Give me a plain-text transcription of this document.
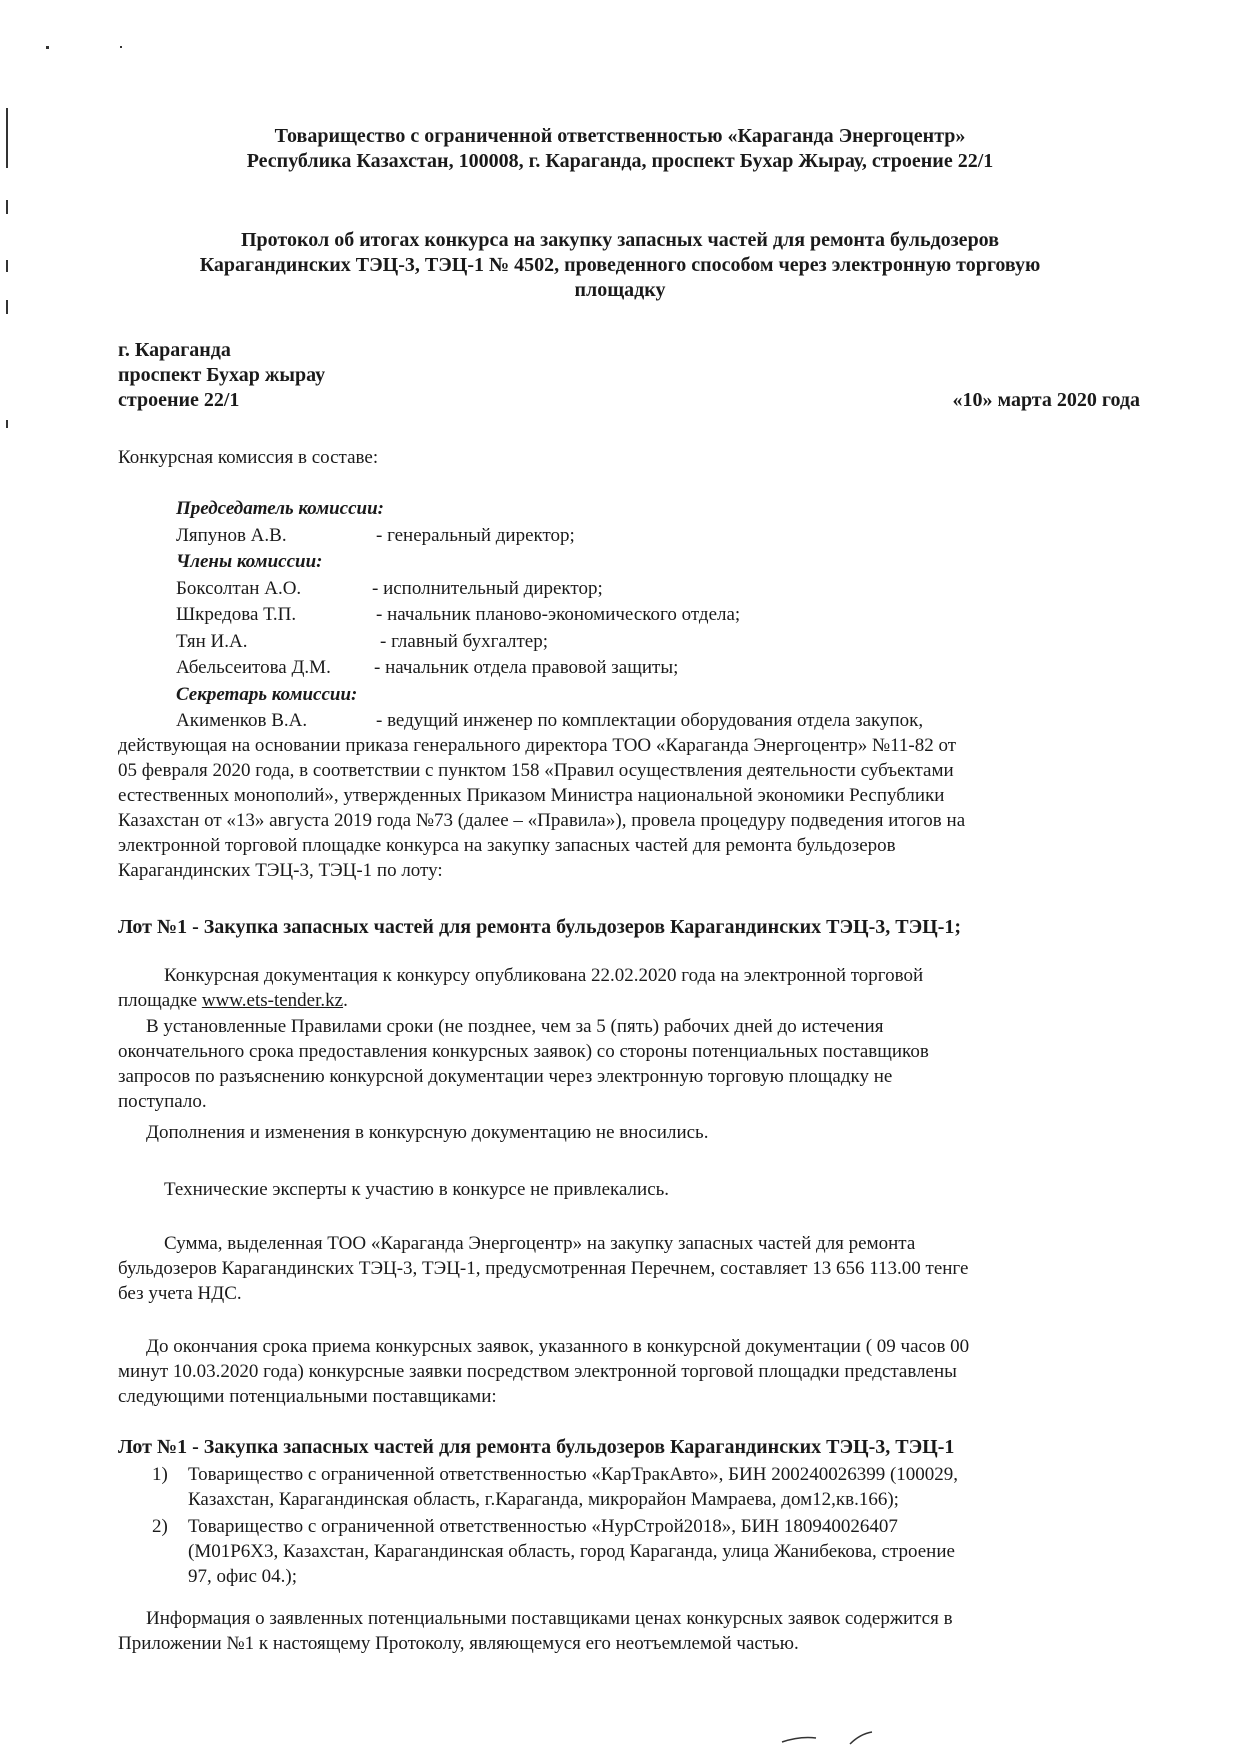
Товарищество с ограниченной ответственностью «Караганда Энергоцентр»
Республика Казахстан, 100008, г. Караганда, проспект Бухар Жырау, строение 22/1
Протокол об итогах конкурса на закупку запасных частей для ремонта бульдозеров
Карагандинских ТЭЦ-3, ТЭЦ-1 № 4502, проведенного способом через электронную торговую
площадку
г. Караганда
проспект Бухар жырау
строение 22/1	«10» марта 2020 года
Конкурсная комиссия в составе:
Председатель комиссии:
Ляпунов А.В.	- генеральный директор;
Члены комиссии:
Боксолтан А.О.	- исполнительный директор;
Шкредова Т.П.	- начальник планово-экономического отдела;
Тян И.А.	- главный бухгалтер;
Абельсеитова Д.М.	- начальник отдела правовой защиты;
Секретарь комиссии:
Акименков В.А.	- ведущий инженер по комплектации оборудования отдела закупок,
действующая на основании приказа генерального директора ТОО «Караганда Энергоцентр» №11-82 от
05 февраля 2020 года, в соответствии с пунктом 158 «Правил осуществления деятельности субъектами
естественных монополий», утвержденных Приказом Министра национальной экономики Республики
Казахстан от «13» августа 2019 года №73 (далее – «Правила»), провела процедуру подведения итогов на
электронной торговой площадке конкурса на закупку запасных частей для ремонта бульдозеров
Карагандинских ТЭЦ-3, ТЭЦ-1 по лоту:
Лот №1 - Закупка запасных частей для ремонта бульдозеров Карагандинских ТЭЦ-3, ТЭЦ-1;
Конкурсная документация к конкурсу опубликована 22.02.2020 года на электронной торговой
площадке www.ets-tender.kz.
В установленные Правилами сроки (не позднее, чем за 5 (пять) рабочих дней до истечения
окончательного срока предоставления конкурсных заявок) со стороны потенциальных поставщиков
запросов по разъяснению конкурсной документации через электронную торговую площадку не
поступало.
Дополнения и изменения в конкурсную документацию не вносились.
Технические эксперты к участию в конкурсе не привлекались.
Сумма, выделенная ТОО «Караганда Энергоцентр» на закупку запасных частей для ремонта
бульдозеров Карагандинских ТЭЦ-3, ТЭЦ-1, предусмотренная Перечнем, составляет 13 656 113.00 тенге
без учета НДС.
До окончания срока приема конкурсных заявок, указанного в конкурсной документации ( 09 часов 00
минут 10.03.2020 года) конкурсные заявки посредством электронной торговой площадки представлены
следующими потенциальными поставщиками:
Лот №1 - Закупка запасных частей для ремонта бульдозеров Карагандинских ТЭЦ-3, ТЭЦ-1
1)	Товарищество с ограниченной ответственностью «КарТракАвто», БИН 200240026399 (100029,
Казахстан, Карагандинская область, г.Караганда, микрорайон Мамраева, дом12,кв.166);
2)	Товарищество с ограниченной ответственностью «НурСтрой2018», БИН 180940026407
(M01P6X3, Казахстан, Карагандинская область, город Караганда, улица Жанибекова, строение
97, офис 04.);
Информация о заявленных потенциальными поставщиками ценах конкурсных заявок содержится в
Приложении №1 к настоящему Протоколу, являющемуся его неотъемлемой частью.
